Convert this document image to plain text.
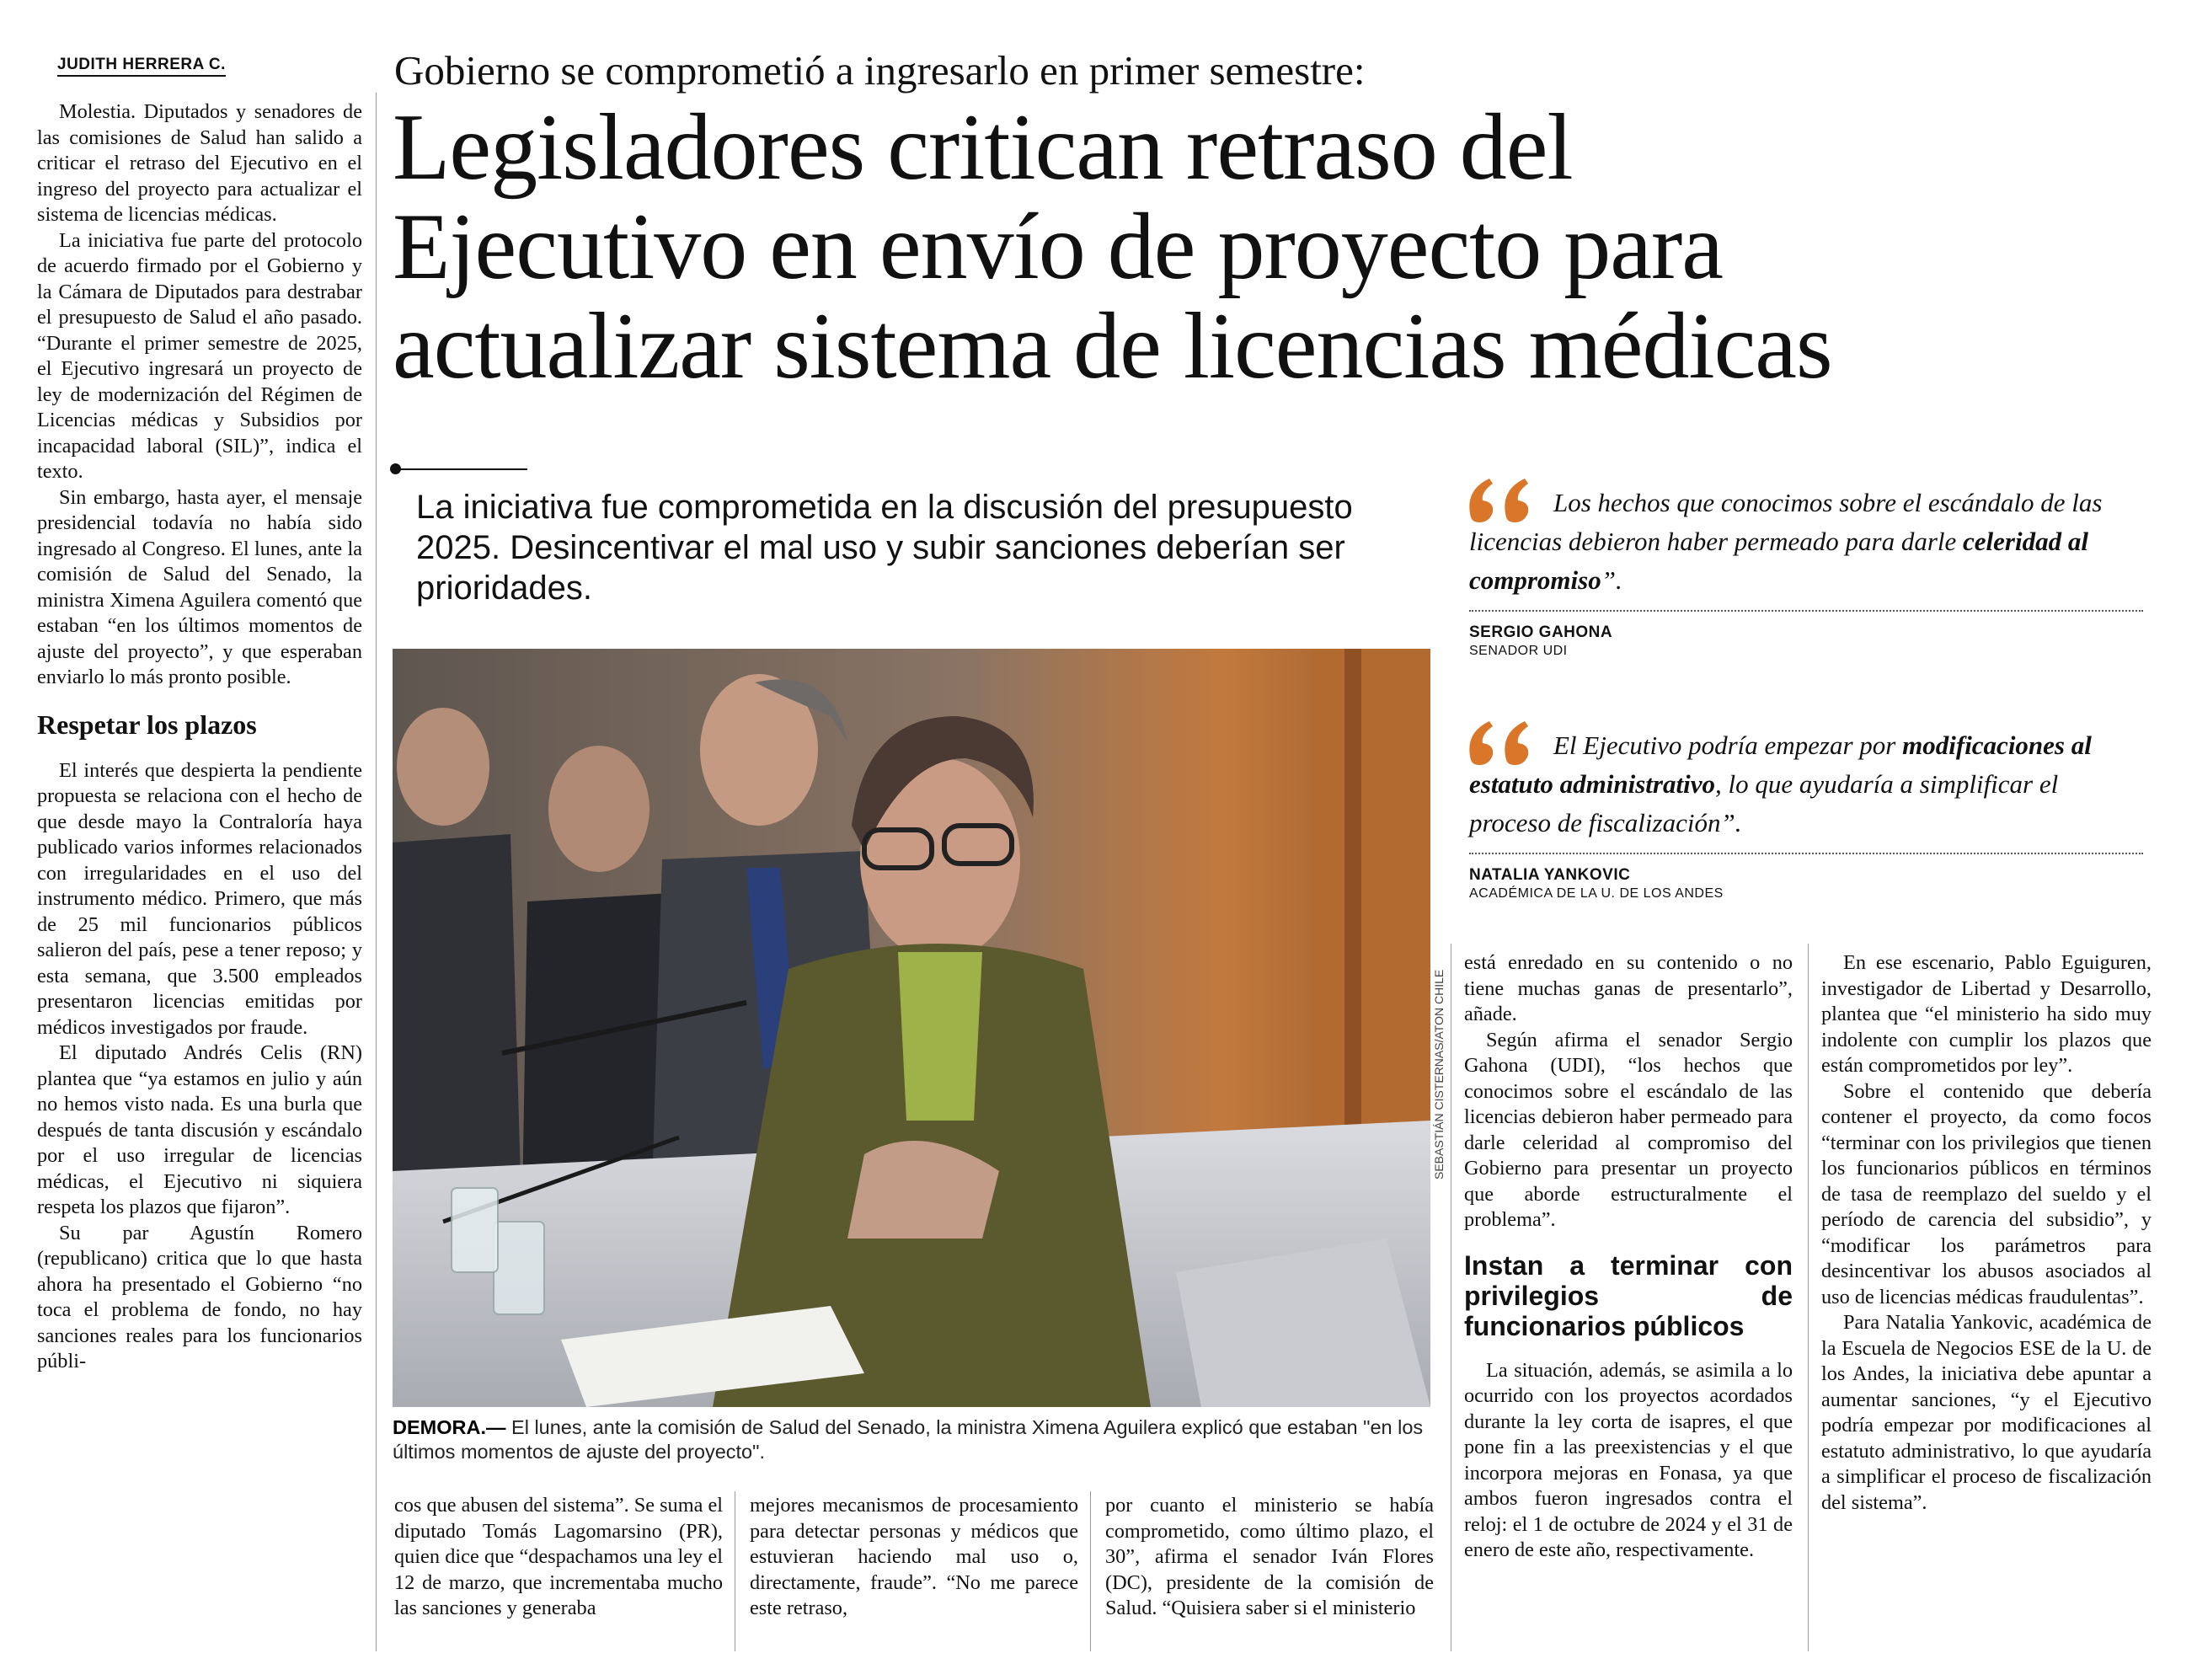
JUDITH HERRERA C.	Gobierno se comprometió a ingresarlo en primer semestre:
Legisladores critican retraso del
Ejecutivo en envío de proyecto para
actualizar sistema de licencias médicas
La iniciativa fue comprometida en la discusión del presupuesto 2025. Desincentivar el mal uso y subir sanciones deberían ser prioridades.

Molestia. Diputados y senadores de las comisiones de Salud han salido a criticar el retraso del Ejecutivo en el ingreso del proyecto para actualizar el sistema de licencias médicas.

La iniciativa fue parte del protocolo de acuerdo firmado por el Gobierno y la Cámara de Diputados para destrabar el presupuesto de Salud el año pasado. “Durante el primer semestre de 2025, el Ejecutivo ingresará un proyecto de ley de modernización del Régimen de Licencias médicas y Subsidios por incapacidad laboral (SIL)”, indica el texto.

Sin embargo, hasta ayer, el mensaje presidencial todavía no había sido ingresado al Congreso. El lunes, ante la comisión de Salud del Senado, la ministra Ximena Aguilera comentó que estaban “en los últimos momentos de ajuste del proyecto”, y que esperaban enviarlo lo más pronto posible.

Respetar los plazos

El interés que despierta la pendiente propuesta se relaciona con el hecho de que desde mayo la Contraloría haya publicado varios informes relacionados con irregularidades en el uso del instrumento médico. Primero, que más de 25 mil funcionarios públicos salieron del país, pese a tener reposo; y esta semana, que 3.500 empleados presentaron licencias emitidas por médicos investigados por fraude.

El diputado Andrés Celis (RN) plantea que “ya estamos en julio y aún no hemos visto nada. Es una burla que después de tanta discusión y escándalo por el uso irregular de licencias médicas, el Ejecutivo ni siquiera respeta los plazos que fijaron”.

Su par Agustín Romero (republicano) critica que lo que hasta ahora ha presentado el Gobierno “no toca el problema de fondo, no hay sanciones reales para los funcionarios públi-

SEBASTIÁN CISTERNAS/ATON CHILE
DEMORA.— El lunes, ante la comisión de Salud del Senado, la ministra Ximena Aguilera explicó que estaban "en los últimos momentos de ajuste del proyecto".
Los hechos que conocimos sobre el escándalo de las licencias debieron haber permeado para darle celeridad al compromiso”.
SERGIO GAHONA
SENADOR UDI
El Ejecutivo podría empezar por modificaciones al estatuto administrativo, lo que ayudaría a simplificar el proceso de fiscalización”.
NATALIA YANKOVIC
ACADÉMICA DE LA U. DE LOS ANDES

cos que abusen del sistema”. Se suma el diputado Tomás Lagomarsino (PR), quien dice que “despachamos una ley el 12 de marzo, que incrementaba mucho las sanciones y generaba

mejores mecanismos de procesamiento para detectar personas y médicos que estuvieran haciendo mal uso o, directamente, fraude”. “No me parece este retraso,

por cuanto el ministerio se había comprometido, como último plazo, el 30”, afirma el senador Iván Flores (DC), presidente de la comisión de Salud. “Quisiera saber si el ministerio

está enredado en su contenido o no tiene muchas ganas de presentarlo”, añade.

Según afirma el senador Sergio Gahona (UDI), “los hechos que conocimos sobre el escándalo de las licencias debieron haber permeado para darle celeridad al compromiso del Gobierno para presentar un proyecto que aborde estructuralmente el problema”.

Instan a terminar con privilegios de funcionarios públicos

La situación, además, se asimila a lo ocurrido con los proyectos acordados durante la ley corta de isapres, el que pone fin a las preexistencias y el que incorpora mejoras en Fonasa, ya que ambos fueron ingresados contra el reloj: el 1 de octubre de 2024 y el 31 de enero de este año, respectivamente.

En ese escenario, Pablo Eguiguren, investigador de Libertad y Desarrollo, plantea que “el ministerio ha sido muy indolente con cumplir los plazos que están comprometidos por ley”.

Sobre el contenido que debería contener el proyecto, da como focos “terminar con los privilegios que tienen los funcionarios públicos en términos de tasa de reemplazo del sueldo y el período de carencia del subsidio”, y “modificar los parámetros para desincentivar los abusos asociados al uso de licencias médicas fraudulentas”.

Para Natalia Yankovic, académica de la Escuela de Negocios ESE de la U. de los Andes, la iniciativa debe apuntar a aumentar sanciones, “y el Ejecutivo podría empezar por modificaciones al estatuto administrativo, lo que ayudaría a simplificar el proceso de fiscalización del sistema”.
